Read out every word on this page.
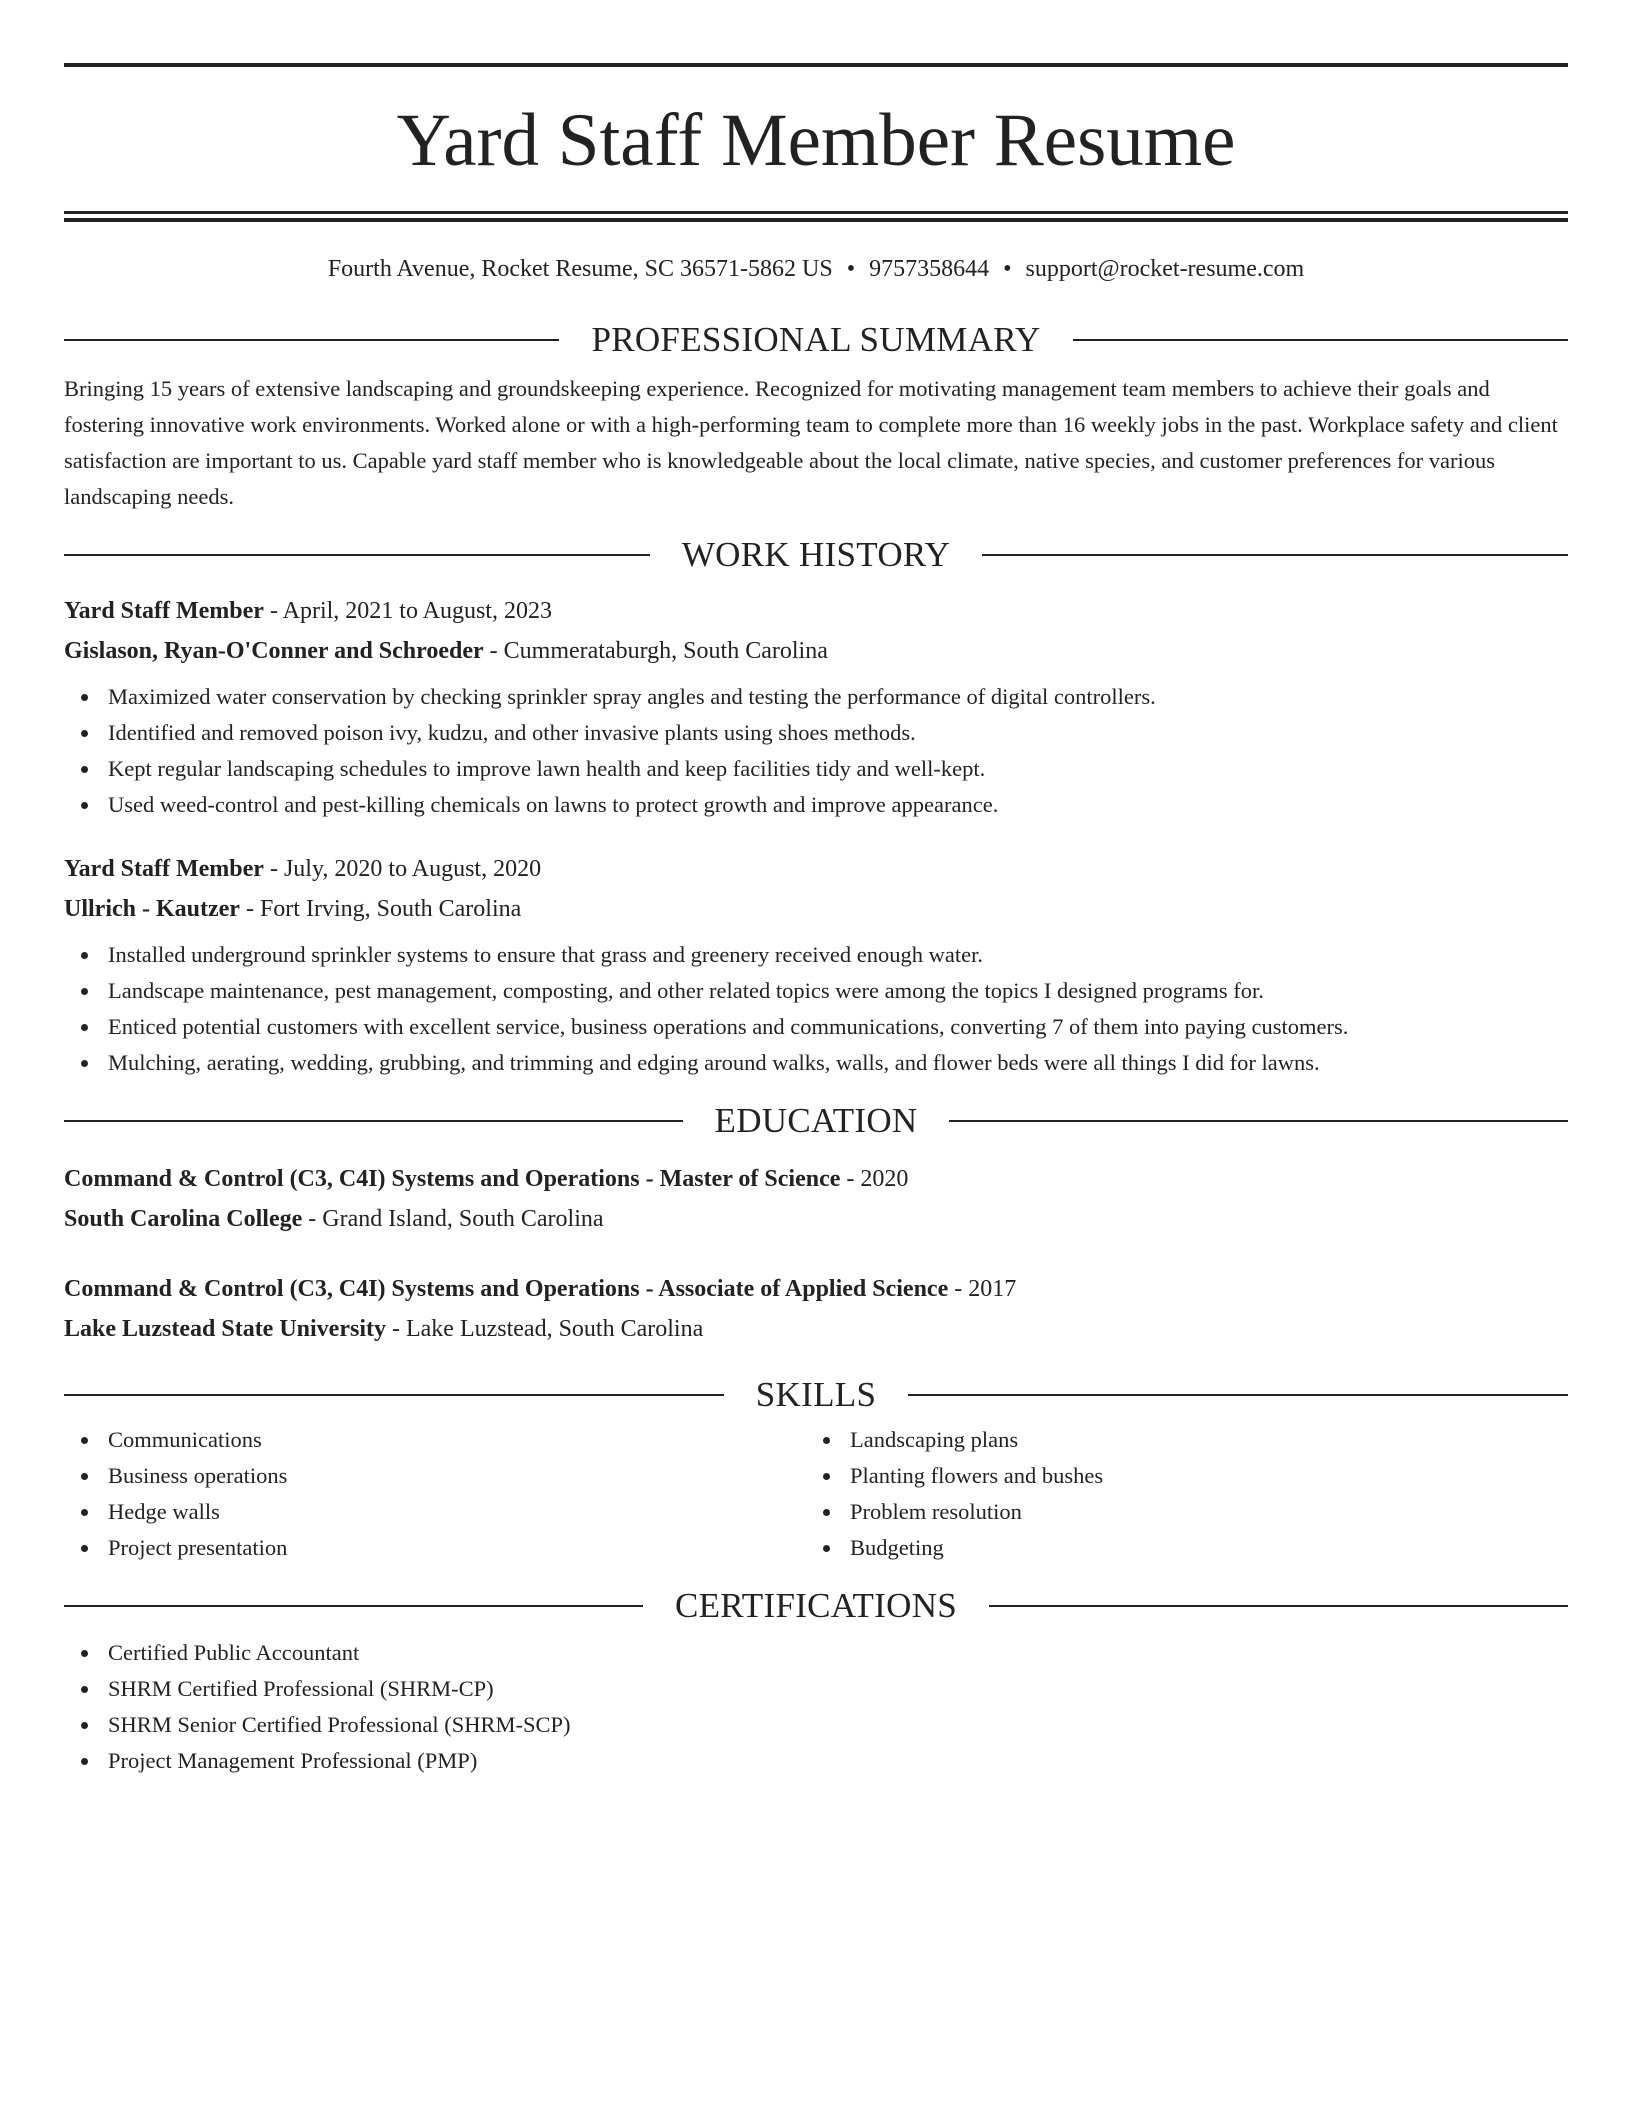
Yard Staff Member Resume
Fourth Avenue, Rocket Resume, SC 36571-5862 US • 9757358644 • support@rocket-resume.com
PROFESSIONAL SUMMARY

Bringing 15 years of extensive landscaping and groundskeeping experience. Recognized for motivating management team members to achieve their goals and fostering innovative work environments. Worked alone or with a high-performing team to complete more than 16 weekly jobs in the past. Workplace safety and client satisfaction are important to us. Capable yard staff member who is knowledgeable about the local climate, native species, and customer preferences for various landscaping needs.

WORK HISTORY
Yard Staff Member - April, 2021 to August, 2023
Gislason, Ryan-O'Conner and Schroeder - Cummerataburgh, South Carolina
Maximized water conservation by checking sprinkler spray angles and testing the performance of digital controllers.
Identified and removed poison ivy, kudzu, and other invasive plants using shoes methods.
Kept regular landscaping schedules to improve lawn health and keep facilities tidy and well-kept.
Used weed-control and pest-killing chemicals on lawns to protect growth and improve appearance.
Yard Staff Member - July, 2020 to August, 2020
Ullrich - Kautzer - Fort Irving, South Carolina
Installed underground sprinkler systems to ensure that grass and greenery received enough water.
Landscape maintenance, pest management, composting, and other related topics were among the topics I designed programs for.
Enticed potential customers with excellent service, business operations and communications, converting 7 of them into paying customers.
Mulching, aerating, wedding, grubbing, and trimming and edging around walks, walls, and flower beds were all things I did for lawns.
EDUCATION
Command & Control (C3, C4I) Systems and Operations - Master of Science - 2020
South Carolina College - Grand Island, South Carolina
Command & Control (C3, C4I) Systems and Operations - Associate of Applied Science - 2017
Lake Luzstead State University - Lake Luzstead, South Carolina
SKILLS
Communications
Business operations
Hedge walls
Project presentation
Landscaping plans
Planting flowers and bushes
Problem resolution
Budgeting
CERTIFICATIONS
Certified Public Accountant
SHRM Certified Professional (SHRM-CP)
SHRM Senior Certified Professional (SHRM-SCP)
Project Management Professional (PMP)
